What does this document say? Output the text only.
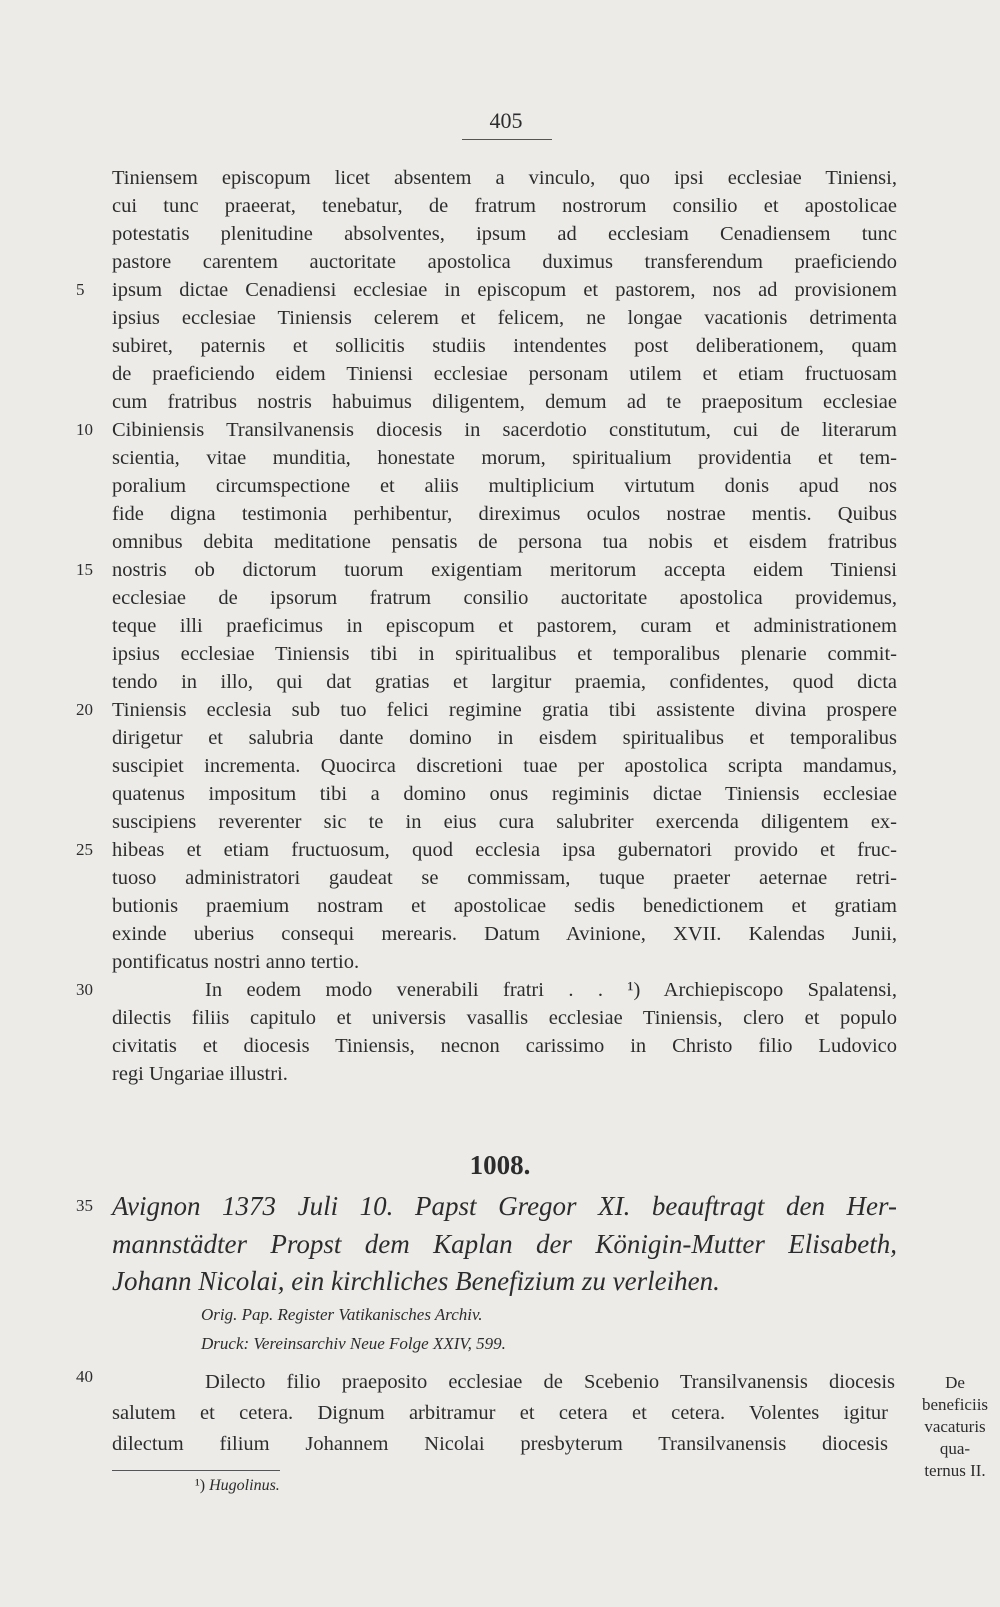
405
Tiniensem episcopum licet absentem a vinculo, quo ipsi ecclesiae Tiniensi,
cui tunc praeerat, tenebatur, de fratrum nostrorum consilio et apostolicae
potestatis plenitudine absolventes, ipsum ad ecclesiam Cenadiensem tunc
pastore carentem auctoritate apostolica duximus transferendum praeficiendo
ipsum dictae Cenadiensi ecclesiae in episcopum et pastorem, nos ad provisionem
ipsius ecclesiae Tiniensis celerem et felicem, ne longae vacationis detrimenta
subiret, paternis et sollicitis studiis intendentes post deliberationem, quam
de praeficiendo eidem Tiniensi ecclesiae personam utilem et etiam fructuosam
cum fratribus nostris habuimus diligentem, demum ad te praepositum ecclesiae
Cibiniensis Transilvanensis diocesis in sacerdotio constitutum, cui de literarum
scientia, vitae munditia, honestate morum, spiritualium providentia et tem-
poralium circumspectione et aliis multiplicium virtutum donis apud nos
fide digna testimonia perhibentur, direximus oculos nostrae mentis. Quibus
omnibus debita meditatione pensatis de persona tua nobis et eisdem fratribus
nostris ob dictorum tuorum exigentiam meritorum accepta eidem Tiniensi
ecclesiae de ipsorum fratrum consilio auctoritate apostolica providemus,
teque illi praeficimus in episcopum et pastorem, curam et administrationem
ipsius ecclesiae Tiniensis tibi in spiritualibus et temporalibus plenarie commit-
tendo in illo, qui dat gratias et largitur praemia, confidentes, quod dicta
Tiniensis ecclesia sub tuo felici regimine gratia tibi assistente divina prospere
dirigetur et salubria dante domino in eisdem spiritualibus et temporalibus
suscipiet incrementa. Quocirca discretioni tuae per apostolica scripta mandamus,
quatenus impositum tibi a domino onus regiminis dictae Tiniensis ecclesiae
suscipiens reverenter sic te in eius cura salubriter exercenda diligentem ex-
hibeas et etiam fructuosum, quod ecclesia ipsa gubernatori provido et fruc-
tuoso administratori gaudeat se commissam, tuque praeter aeternae retri-
butionis praemium nostram et apostolicae sedis benedictionem et gratiam
exinde uberius consequi merearis. Datum Avinione, XVII. Kalendas Junii,
pontificatus nostri anno tertio.
In eodem modo venerabili fratri . . ¹) Archiepiscopo Spalatensi,
dilectis filiis capitulo et universis vasallis ecclesiae Tiniensis, clero et populo
civitatis et diocesis Tiniensis, necnon carissimo in Christo filio Ludovico
regi Ungariae illustri.
5
10
15
20
25
30
35
40
1008.
Avignon 1373 Juli 10. Papst Gregor XI. beauftragt den Her-
mannstädter Propst dem Kaplan der Königin-Mutter Elisabeth,
Johann Nicolai, ein kirchliches Benefizium zu verleihen.
Orig. Pap. Register Vatikanisches Archiv.
Druck: Vereinsarchiv Neue Folge XXIV, 599.
Dilecto filio praeposito ecclesiae de Scebenio Transilvanensis diocesis
salutem et cetera. Dignum arbitramur et cetera et cetera. Volentes igitur
dilectum filium Johannem Nicolai presbyterum Transilvanensis diocesis
De
beneficiis
vacaturis
qua-
ternus II.
¹) Hugolinus.
